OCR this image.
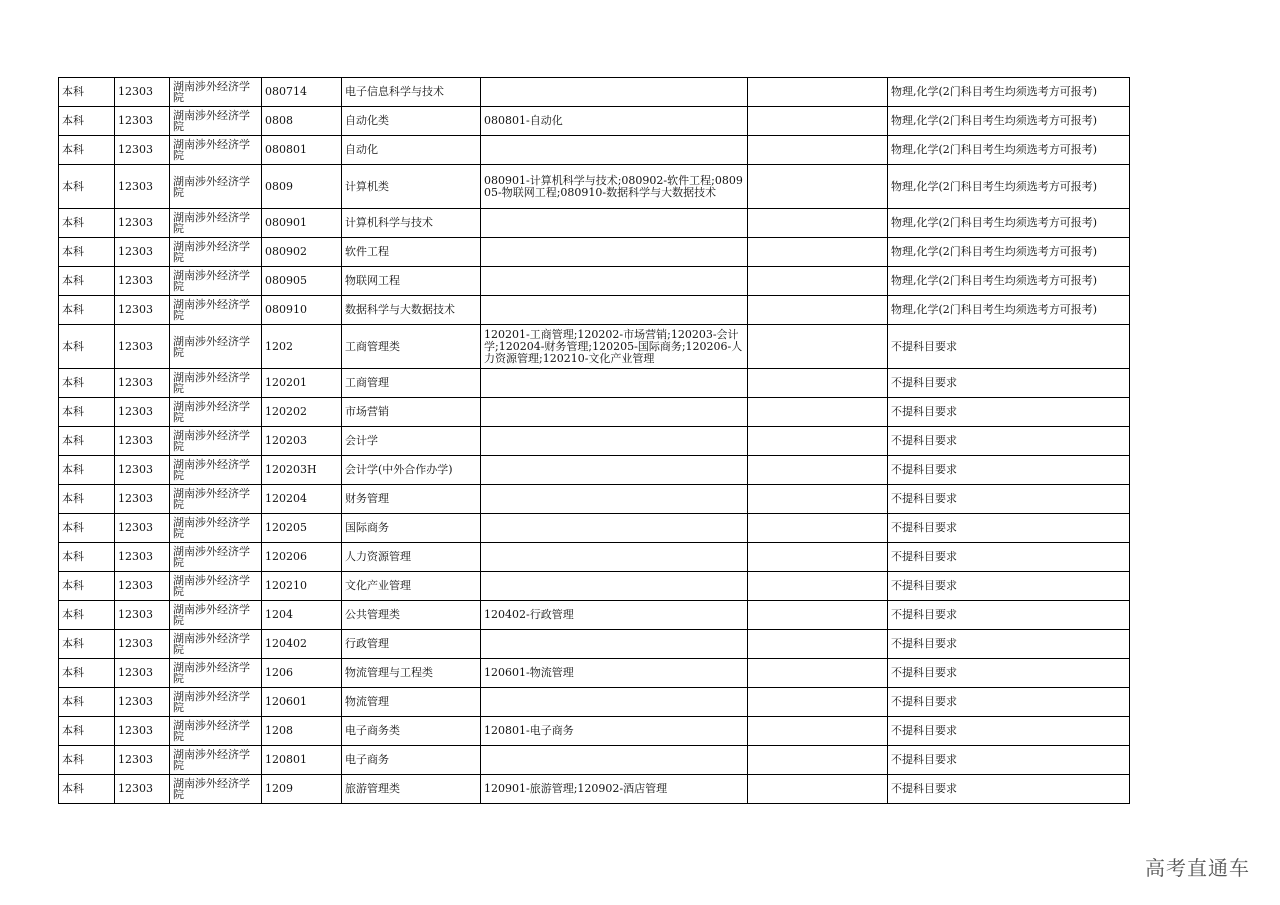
本科	12303	湖南涉外经济学院	080714	电子信息科学与技术			物理,化学(2门科目考生均须选考方可报考)
本科	12303	湖南涉外经济学院	0808	自动化类	080801-自动化		物理,化学(2门科目考生均须选考方可报考)
本科	12303	湖南涉外经济学院	080801	自动化			物理,化学(2门科目考生均须选考方可报考)
本科	12303	湖南涉外经济学院	0809	计算机类	080901-计算机科学与技术;080902-软件工程;080905-物联网工程;080910-数据科学与大数据技术		物理,化学(2门科目考生均须选考方可报考)
本科	12303	湖南涉外经济学院	080901	计算机科学与技术			物理,化学(2门科目考生均须选考方可报考)
本科	12303	湖南涉外经济学院	080902	软件工程			物理,化学(2门科目考生均须选考方可报考)
本科	12303	湖南涉外经济学院	080905	物联网工程			物理,化学(2门科目考生均须选考方可报考)
本科	12303	湖南涉外经济学院	080910	数据科学与大数据技术			物理,化学(2门科目考生均须选考方可报考)
本科	12303	湖南涉外经济学院	1202	工商管理类	120201-工商管理;120202-市场营销;120203-会计学;120204-财务管理;120205-国际商务;120206-人力资源管理;120210-文化产业管理		不提科目要求
本科	12303	湖南涉外经济学院	120201	工商管理			不提科目要求
本科	12303	湖南涉外经济学院	120202	市场营销			不提科目要求
本科	12303	湖南涉外经济学院	120203	会计学			不提科目要求
本科	12303	湖南涉外经济学院	120203H	会计学(中外合作办学)			不提科目要求
本科	12303	湖南涉外经济学院	120204	财务管理			不提科目要求
本科	12303	湖南涉外经济学院	120205	国际商务			不提科目要求
本科	12303	湖南涉外经济学院	120206	人力资源管理			不提科目要求
本科	12303	湖南涉外经济学院	120210	文化产业管理			不提科目要求
本科	12303	湖南涉外经济学院	1204	公共管理类	120402-行政管理		不提科目要求
本科	12303	湖南涉外经济学院	120402	行政管理			不提科目要求
本科	12303	湖南涉外经济学院	1206	物流管理与工程类	120601-物流管理		不提科目要求
本科	12303	湖南涉外经济学院	120601	物流管理			不提科目要求
本科	12303	湖南涉外经济学院	1208	电子商务类	120801-电子商务		不提科目要求
本科	12303	湖南涉外经济学院	120801	电子商务			不提科目要求
本科	12303	湖南涉外经济学院	1209	旅游管理类	120901-旅游管理;120902-酒店管理		不提科目要求
高考直通车
